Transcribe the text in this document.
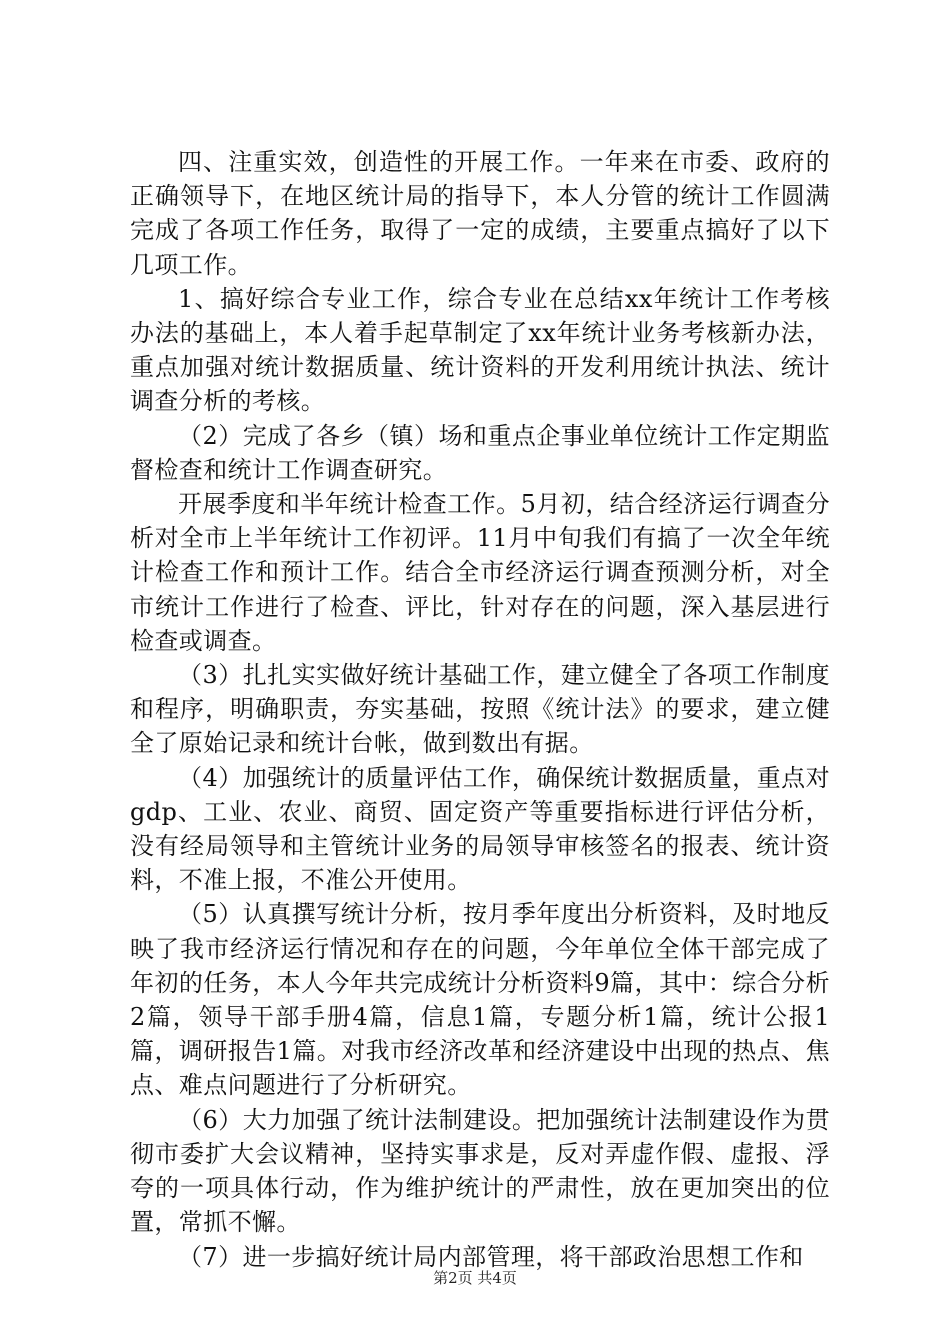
四、注重实效，创造性的开展工作。一年来在市委、政府的正确领导下，在地区统计局的指导下，本人分管的统计工作圆满完成了各项工作任务，取得了一定的成绩，主要重点搞好了以下几项工作。

1、搞好综合专业工作，综合专业在总结xx年统计工作考核办法的基础上，本人着手起草制定了xx年统计业务考核新办法，重点加强对统计数据质量、统计资料的开发利用统计执法、统计调查分析的考核。

（2）完成了各乡（镇）场和重点企事业单位统计工作定期监督检查和统计工作调查研究。

开展季度和半年统计检查工作。5月初，结合经济运行调查分析对全市上半年统计工作初评。11月中旬我们有搞了一次全年统计检查工作和预计工作。结合全市经济运行调查预测分析，对全市统计工作进行了检查、评比，针对存在的问题，深入基层进行检查或调查。

（3）扎扎实实做好统计基础工作，建立健全了各项工作制度和程序，明确职责，夯实基础，按照《统计法》的要求，建立健全了原始记录和统计台帐，做到数出有据。

（4）加强统计的质量评估工作，确保统计数据质量，重点对gdp、工业、农业、商贸、固定资产等重要指标进行评估分析，没有经局领导和主管统计业务的局领导审核签名的报表、统计资料，不准上报，不准公开使用。

（5）认真撰写统计分析，按月季年度出分析资料，及时地反映了我市经济运行情况和存在的问题，今年单位全体干部完成了年初的任务，本人今年共完成统计分析资料9篇，其中：综合分析2篇，领导干部手册4篇，信息1篇，专题分析1篇，统计公报1篇，调研报告1篇。对我市经济改革和经济建设中出现的热点、焦点、难点问题进行了分析研究。

（6）大力加强了统计法制建设。把加强统计法制建设作为贯彻市委扩大会议精神，坚持实事求是，反对弄虚作假、虚报、浮夸的一项具体行动，作为维护统计的严肃性，放在更加突出的位置，常抓不懈。

（7）进一步搞好统计局内部管理，将干部政治思想工作和

第2页 共4页
